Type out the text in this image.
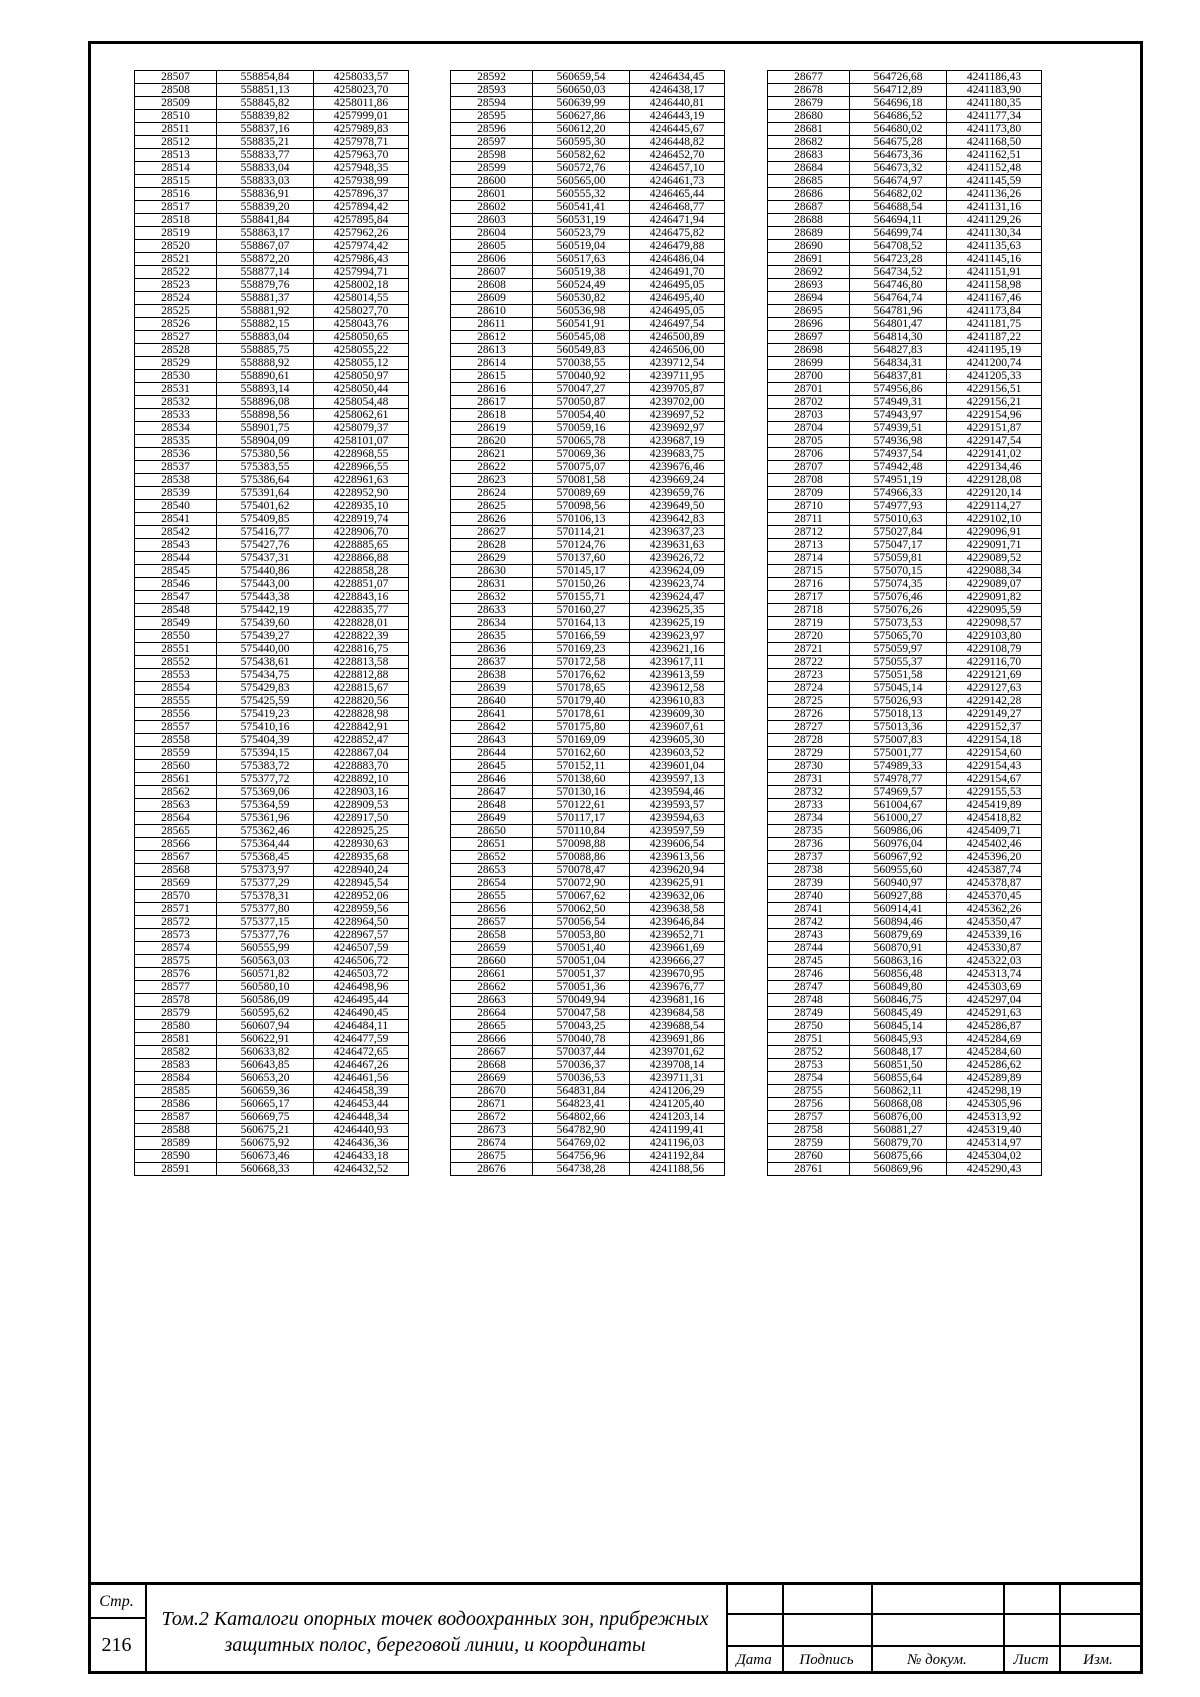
28507	558854,84	4258033,57
28508	558851,13	4258023,70
28509	558845,82	4258011,86
28510	558839,82	4257999,01
28511	558837,16	4257989,83
28512	558835,21	4257978,71
28513	558833,77	4257963,70
28514	558833,04	4257948,35
28515	558833,03	4257938,99
28516	558836,91	4257896,37
28517	558839,20	4257894,42
28518	558841,84	4257895,84
28519	558863,17	4257962,26
28520	558867,07	4257974,42
28521	558872,20	4257986,43
28522	558877,14	4257994,71
28523	558879,76	4258002,18
28524	558881,37	4258014,55
28525	558881,92	4258027,70
28526	558882,15	4258043,76
28527	558883,04	4258050,65
28528	558885,75	4258055,22
28529	558888,92	4258055,12
28530	558890,61	4258050,97
28531	558893,14	4258050,44
28532	558896,08	4258054,48
28533	558898,56	4258062,61
28534	558901,75	4258079,37
28535	558904,09	4258101,07
28536	575380,56	4228968,55
28537	575383,55	4228966,55
28538	575386,64	4228961,63
28539	575391,64	4228952,90
28540	575401,62	4228935,10
28541	575409,85	4228919,74
28542	575416,77	4228906,70
28543	575427,76	4228885,65
28544	575437,31	4228866,88
28545	575440,86	4228858,28
28546	575443,00	4228851,07
28547	575443,38	4228843,16
28548	575442,19	4228835,77
28549	575439,60	4228828,01
28550	575439,27	4228822,39
28551	575440,00	4228816,75
28552	575438,61	4228813,58
28553	575434,75	4228812,88
28554	575429,83	4228815,67
28555	575425,59	4228820,56
28556	575419,23	4228828,98
28557	575410,16	4228842,91
28558	575404,39	4228852,47
28559	575394,15	4228867,04
28560	575383,72	4228883,70
28561	575377,72	4228892,10
28562	575369,06	4228903,16
28563	575364,59	4228909,53
28564	575361,96	4228917,50
28565	575362,46	4228925,25
28566	575364,44	4228930,63
28567	575368,45	4228935,68
28568	575373,97	4228940,24
28569	575377,29	4228945,54
28570	575378,31	4228952,06
28571	575377,80	4228959,56
28572	575377,15	4228964,50
28573	575377,76	4228967,57
28574	560555,99	4246507,59
28575	560563,03	4246506,72
28576	560571,82	4246503,72
28577	560580,10	4246498,96
28578	560586,09	4246495,44
28579	560595,62	4246490,45
28580	560607,94	4246484,11
28581	560622,91	4246477,59
28582	560633,82	4246472,65
28583	560643,85	4246467,26
28584	560653,20	4246461,56
28585	560659,36	4246458,39
28586	560665,17	4246453,44
28587	560669,75	4246448,34
28588	560675,21	4246440,93
28589	560675,92	4246436,36
28590	560673,46	4246433,18
28591	560668,33	4246432,52
28592	560659,54	4246434,45
28593	560650,03	4246438,17
28594	560639,99	4246440,81
28595	560627,86	4246443,19
28596	560612,20	4246445,67
28597	560595,30	4246448,82
28598	560582,62	4246452,70
28599	560572,76	4246457,10
28600	560565,00	4246461,73
28601	560555,32	4246465,44
28602	560541,41	4246468,77
28603	560531,19	4246471,94
28604	560523,79	4246475,82
28605	560519,04	4246479,88
28606	560517,63	4246486,04
28607	560519,38	4246491,70
28608	560524,49	4246495,05
28609	560530,82	4246495,40
28610	560536,98	4246495,05
28611	560541,91	4246497,54
28612	560545,08	4246500,89
28613	560549,83	4246506,00
28614	570038,55	4239712,54
28615	570040,92	4239711,95
28616	570047,27	4239705,87
28617	570050,87	4239702,00
28618	570054,40	4239697,52
28619	570059,16	4239692,97
28620	570065,78	4239687,19
28621	570069,36	4239683,75
28622	570075,07	4239676,46
28623	570081,58	4239669,24
28624	570089,69	4239659,76
28625	570098,56	4239649,50
28626	570106,13	4239642,83
28627	570114,21	4239637,23
28628	570124,76	4239631,63
28629	570137,60	4239626,72
28630	570145,17	4239624,09
28631	570150,26	4239623,74
28632	570155,71	4239624,47
28633	570160,27	4239625,35
28634	570164,13	4239625,19
28635	570166,59	4239623,97
28636	570169,23	4239621,16
28637	570172,58	4239617,11
28638	570176,62	4239613,59
28639	570178,65	4239612,58
28640	570179,40	4239610,83
28641	570178,61	4239609,30
28642	570175,80	4239607,61
28643	570169,09	4239605,30
28644	570162,60	4239603,52
28645	570152,11	4239601,04
28646	570138,60	4239597,13
28647	570130,16	4239594,46
28648	570122,61	4239593,57
28649	570117,17	4239594,63
28650	570110,84	4239597,59
28651	570098,88	4239606,54
28652	570088,86	4239613,56
28653	570078,47	4239620,94
28654	570072,90	4239625,91
28655	570067,62	4239632,06
28656	570062,50	4239638,58
28657	570056,54	4239646,84
28658	570053,80	4239652,71
28659	570051,40	4239661,69
28660	570051,04	4239666,27
28661	570051,37	4239670,95
28662	570051,36	4239676,77
28663	570049,94	4239681,16
28664	570047,58	4239684,58
28665	570043,25	4239688,54
28666	570040,78	4239691,86
28667	570037,44	4239701,62
28668	570036,37	4239708,14
28669	570036,53	4239711,31
28670	564831,84	4241206,29
28671	564823,41	4241205,40
28672	564802,66	4241203,14
28673	564782,90	4241199,41
28674	564769,02	4241196,03
28675	564756,96	4241192,84
28676	564738,28	4241188,56
28677	564726,68	4241186,43
28678	564712,89	4241183,90
28679	564696,18	4241180,35
28680	564686,52	4241177,34
28681	564680,02	4241173,80
28682	564675,28	4241168,50
28683	564673,36	4241162,51
28684	564673,32	4241152,48
28685	564674,97	4241145,59
28686	564682,02	4241136,26
28687	564688,54	4241131,16
28688	564694,11	4241129,26
28689	564699,74	4241130,34
28690	564708,52	4241135,63
28691	564723,28	4241145,16
28692	564734,52	4241151,91
28693	564746,80	4241158,98
28694	564764,74	4241167,46
28695	564781,96	4241173,84
28696	564801,47	4241181,75
28697	564814,30	4241187,22
28698	564827,83	4241195,19
28699	564834,31	4241200,74
28700	564837,81	4241205,33
28701	574956,86	4229156,51
28702	574949,31	4229156,21
28703	574943,97	4229154,96
28704	574939,51	4229151,87
28705	574936,98	4229147,54
28706	574937,54	4229141,02
28707	574942,48	4229134,46
28708	574951,19	4229128,08
28709	574966,33	4229120,14
28710	574977,93	4229114,27
28711	575010,63	4229102,10
28712	575027,84	4229096,91
28713	575047,17	4229091,71
28714	575059,81	4229089,52
28715	575070,15	4229088,34
28716	575074,35	4229089,07
28717	575076,46	4229091,82
28718	575076,26	4229095,59
28719	575073,53	4229098,57
28720	575065,70	4229103,80
28721	575059,97	4229108,79
28722	575055,37	4229116,70
28723	575051,58	4229121,69
28724	575045,14	4229127,63
28725	575026,93	4229142,28
28726	575018,13	4229149,27
28727	575013,36	4229152,37
28728	575007,83	4229154,18
28729	575001,77	4229154,60
28730	574989,33	4229154,43
28731	574978,77	4229154,67
28732	574969,57	4229155,53
28733	561004,67	4245419,89
28734	561000,27	4245418,82
28735	560986,06	4245409,71
28736	560976,04	4245402,46
28737	560967,92	4245396,20
28738	560955,60	4245387,74
28739	560940,97	4245378,87
28740	560927,88	4245370,45
28741	560914,41	4245362,26
28742	560894,46	4245350,47
28743	560879,69	4245339,16
28744	560870,91	4245330,87
28745	560863,16	4245322,03
28746	560856,48	4245313,74
28747	560849,80	4245303,69
28748	560846,75	4245297,04
28749	560845,49	4245291,63
28750	560845,14	4245286,87
28751	560845,93	4245284,69
28752	560848,17	4245284,60
28753	560851,50	4245286,62
28754	560855,64	4245289,89
28755	560862,11	4245298,19
28756	560868,08	4245305,96
28757	560876,00	4245313,92
28758	560881,27	4245319,40
28759	560879,70	4245314,97
28760	560875,66	4245304,02
28761	560869,96	4245290,43
Стр.
216
Том.2 Каталоги опорных точек водоохранных зон, прибрежных защитных полос, береговой линии, и координаты
Дата	Подпись	№ докум.	Лист	Изм.
